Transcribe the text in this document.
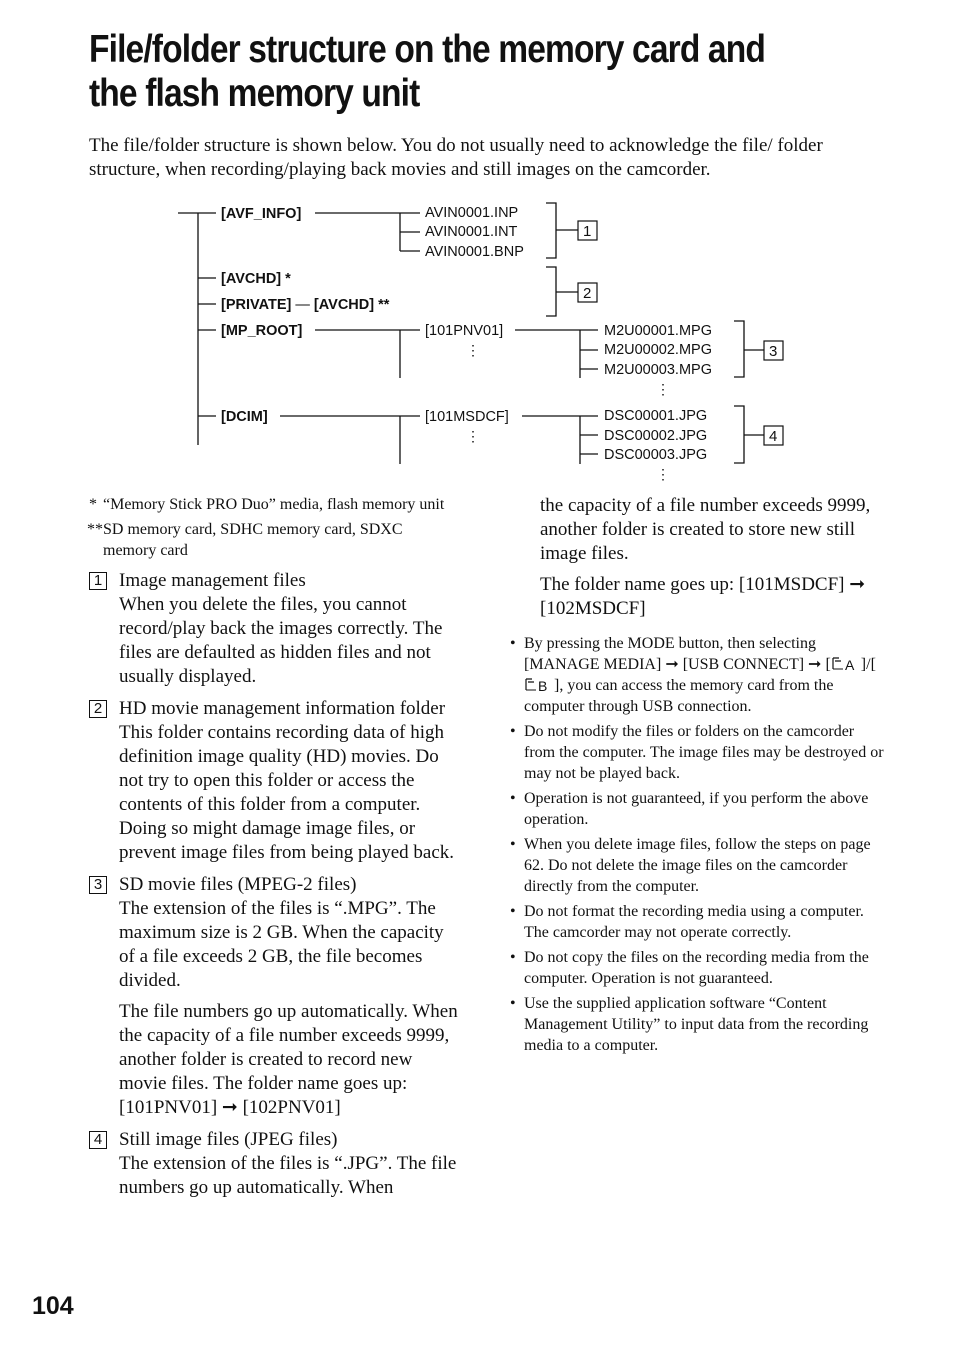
File/folder structure on the memory card and the flash memory unit
The file/folder structure is shown below. You do not usually need to acknowledge the file/ folder structure, when recording/playing back movies and still images on the camcorder.
[AVF_INFO]	AVIN0001.INP
AVIN0001.INT
AVIN0001.BNP
1
[AVCHD] *
[PRIVATE] — [AVCHD] **
2
[MP_ROOT]	[101PNV01]
⋮
M2U00001.MPG
M2U00002.MPG
M2U00003.MPG
⋮
3
[DCIM]	[101MSDCF]
⋮
DSC00001.JPG
DSC00002.JPG
DSC00003.JPG
⋮
4
* “Memory Stick PRO Duo” media, flash memory unit
** SD memory card, SDHC memory card, SDXC memory card
1 Image management files

When you delete the files, you cannot record/play back the images correctly. The files are defaulted as hidden files and not usually displayed.

2 HD movie management information folder

This folder contains recording data of high definition image quality (HD) movies. Do not try to open this folder or access the contents of this folder from a computer. Doing so might damage image files, or prevent image files from being played back.

3 SD movie files (MPEG-2 files)

The extension of the files is “.MPG”. The maximum size is 2 GB. When the capacity of a file exceeds 2 GB, the file becomes divided.

The file numbers go up automatically. When the capacity of a file number exceeds 9999, another folder is created to record new movie files. The folder name goes up: [101PNV01] ➞ [102PNV01]

4 Still image files (JPEG files)

The extension of the files is “.JPG”. The file numbers go up automatically. When

the capacity of a file number exceeds 9999, another folder is created to store new still image files.

The folder name goes up: [101MSDCF] ➞ [102MSDCF]

• By pressing the MODE button, then selecting [MANAGE MEDIA] ➞ [USB CONNECT] ➞ [ A ]/[
B ], you can access the memory card from the computer through USB connection.
• Do not modify the files or folders on the camcorder from the computer. The image files may be destroyed or may not be played back.
• Operation is not guaranteed, if you perform the above operation.
• When you delete image files, follow the steps on page 62. Do not delete the image files on the camcorder directly from the computer.
• Do not format the recording media using a computer. The camcorder may not operate correctly.
• Do not copy the files on the recording media from the computer. Operation is not guaranteed.
• Use the supplied application software “Content Management Utility” to input data from the recording media to a computer.
104
